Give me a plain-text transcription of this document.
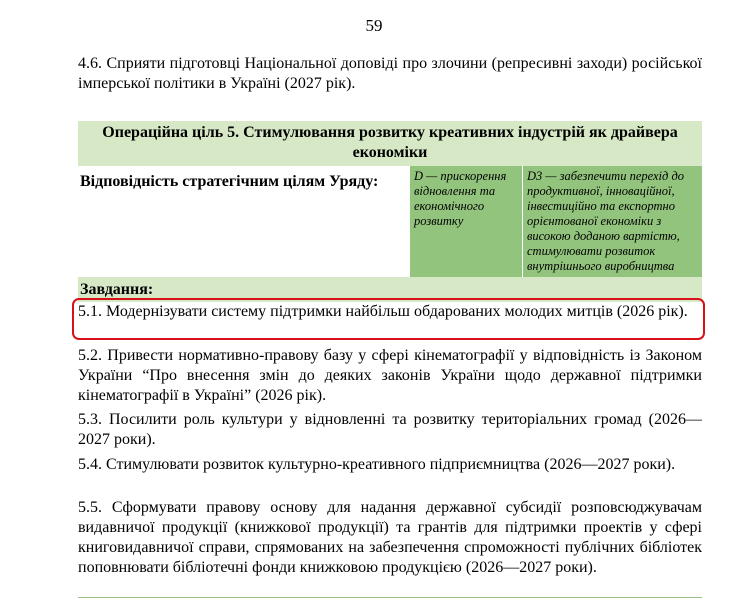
59
4.6. Сприяти підготовці Національної доповіді про злочини (репресивні заходи) російської імперської політики в Україні (2027 рік).
Операційна ціль 5. Стимулювання розвитку креативних індустрій як драйвера економіки
Відповідність стратегічним цілям Уряду:	D — прискорення відновлення та економічного розвитку
D3 — забезпечити перехід до продуктивної, інноваційної, інвестиційно та експортно орієнтованої економіки з високою доданою вартістю, стимулювати розвиток внутрішнього виробництва
Завдання:
5.1. Модернізувати систему підтримки найбільш обдарованих молодих митців (2026 рік).
5.2. Привести нормативно-правову базу у сфері кінематографії у відповідність із Законом України “Про внесення змін до деяких законів України щодо державної підтримки кінематографії в Україні” (2026 рік).
5.3. Посилити роль культури у відновленні та розвитку територіальних громад (2026—2027 роки).
5.4. Стимулювати розвиток культурно-креативного підприємництва (2026—2027 роки).
5.5. Сформувати правову основу для надання державної субсидії розповсюджувачам видавничої продукції (книжкової продукції) та грантів для підтримки проектів у сфері книговидавничої справи, спрямованих на забезпечення спроможності публічних бібліотек поповнювати бібліотечні фонди книжковою продукцією (2026—2027 роки).
